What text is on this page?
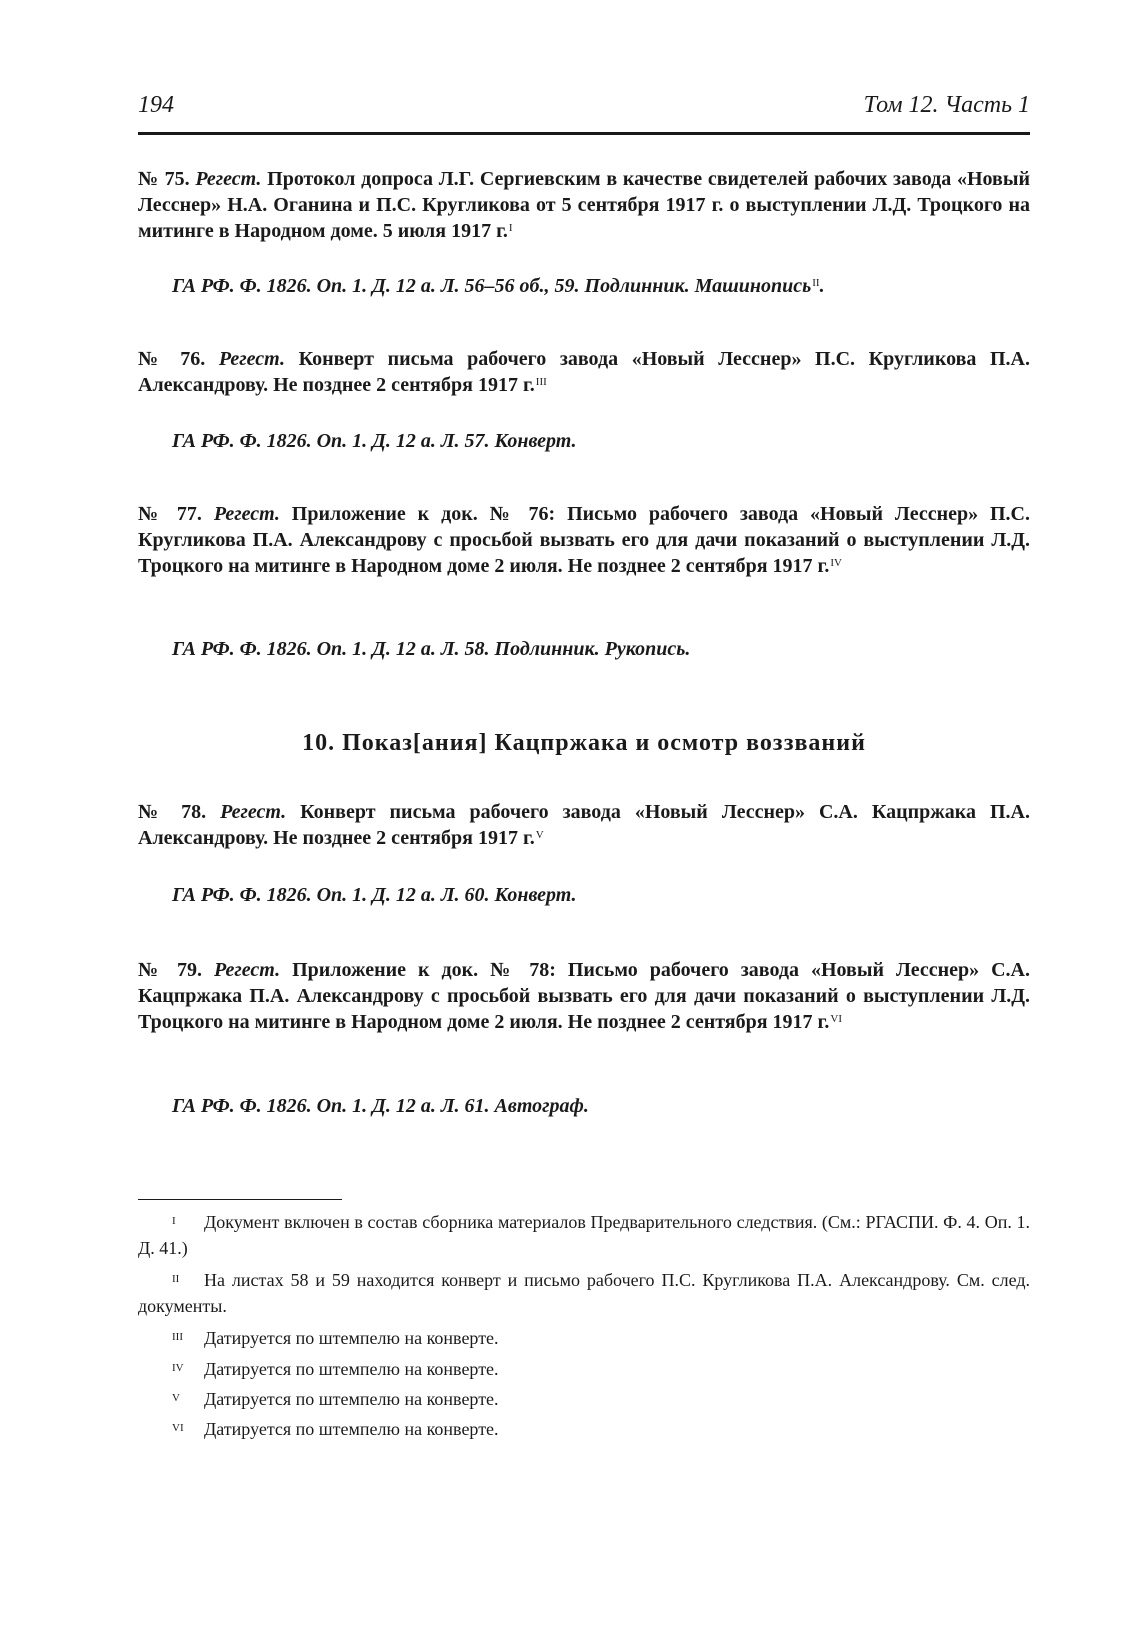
194	Том 12. Часть 1
№ 75. Регест. Протокол допроса Л.Г. Сергиевским в качестве свидетелей рабочих завода «Новый Лесснер» Н.А. Оганина и П.С. Кругликова от 5 сентября 1917 г. о выступлении Л.Д. Троцкого на митинге в Народном доме. 5 июля 1917 г.$^I$
ГА РФ. Ф. 1826. Оп. 1. Д. 12 а. Л. 56–56 об., 59. Подлинник. Машинопись$^{II}$.
№ 76. Регест. Конверт письма рабочего завода «Новый Лесснер» П.С. Кругликова П.А. Александрову. Не позднее 2 сентября 1917 г.$^{III}$
ГА РФ. Ф. 1826. Оп. 1. Д. 12 а. Л. 57. Конверт.
№ 77. Регест. Приложение к док. № 76: Письмо рабочего завода «Новый Лесснер» П.С. Кругликова П.А. Александрову с просьбой вызвать его для дачи показаний о выступлении Л.Д. Троцкого на митинге в Народном доме 2 июля. Не позднее 2 сентября 1917 г.$^{IV}$
ГА РФ. Ф. 1826. Оп. 1. Д. 12 а. Л. 58. Подлинник. Рукопись.
10. Показ[ания] Кацпржака и осмотр воззваний
№ 78. Регест. Конверт письма рабочего завода «Новый Лесснер» С.А. Кацпржака П.А. Александрову. Не позднее 2 сентября 1917 г.$^V$
ГА РФ. Ф. 1826. Оп. 1. Д. 12 а. Л. 60. Конверт.
№ 79. Регест. Приложение к док. № 78: Письмо рабочего завода «Новый Лесснер» С.А. Кацпржака П.А. Александрову с просьбой вызвать его для дачи показаний о выступлении Л.Д. Троцкого на митинге в Народном доме 2 июля. Не позднее 2 сентября 1917 г.$^{VI}$
ГА РФ. Ф. 1826. Оп. 1. Д. 12 а. Л. 61. Автограф.
I Документ включен в состав сборника материалов Предварительного следствия. (См.: РГАСПИ. Ф. 4. Оп. 1. Д. 41.)
II На листах 58 и 59 находится конверт и письмо рабочего П.С. Кругликова П.А. Александрову. См. след. документы.
III Датируется по штемпелю на конверте.
IV Датируется по штемпелю на конверте.
V Датируется по штемпелю на конверте.
VI Датируется по штемпелю на конверте.
